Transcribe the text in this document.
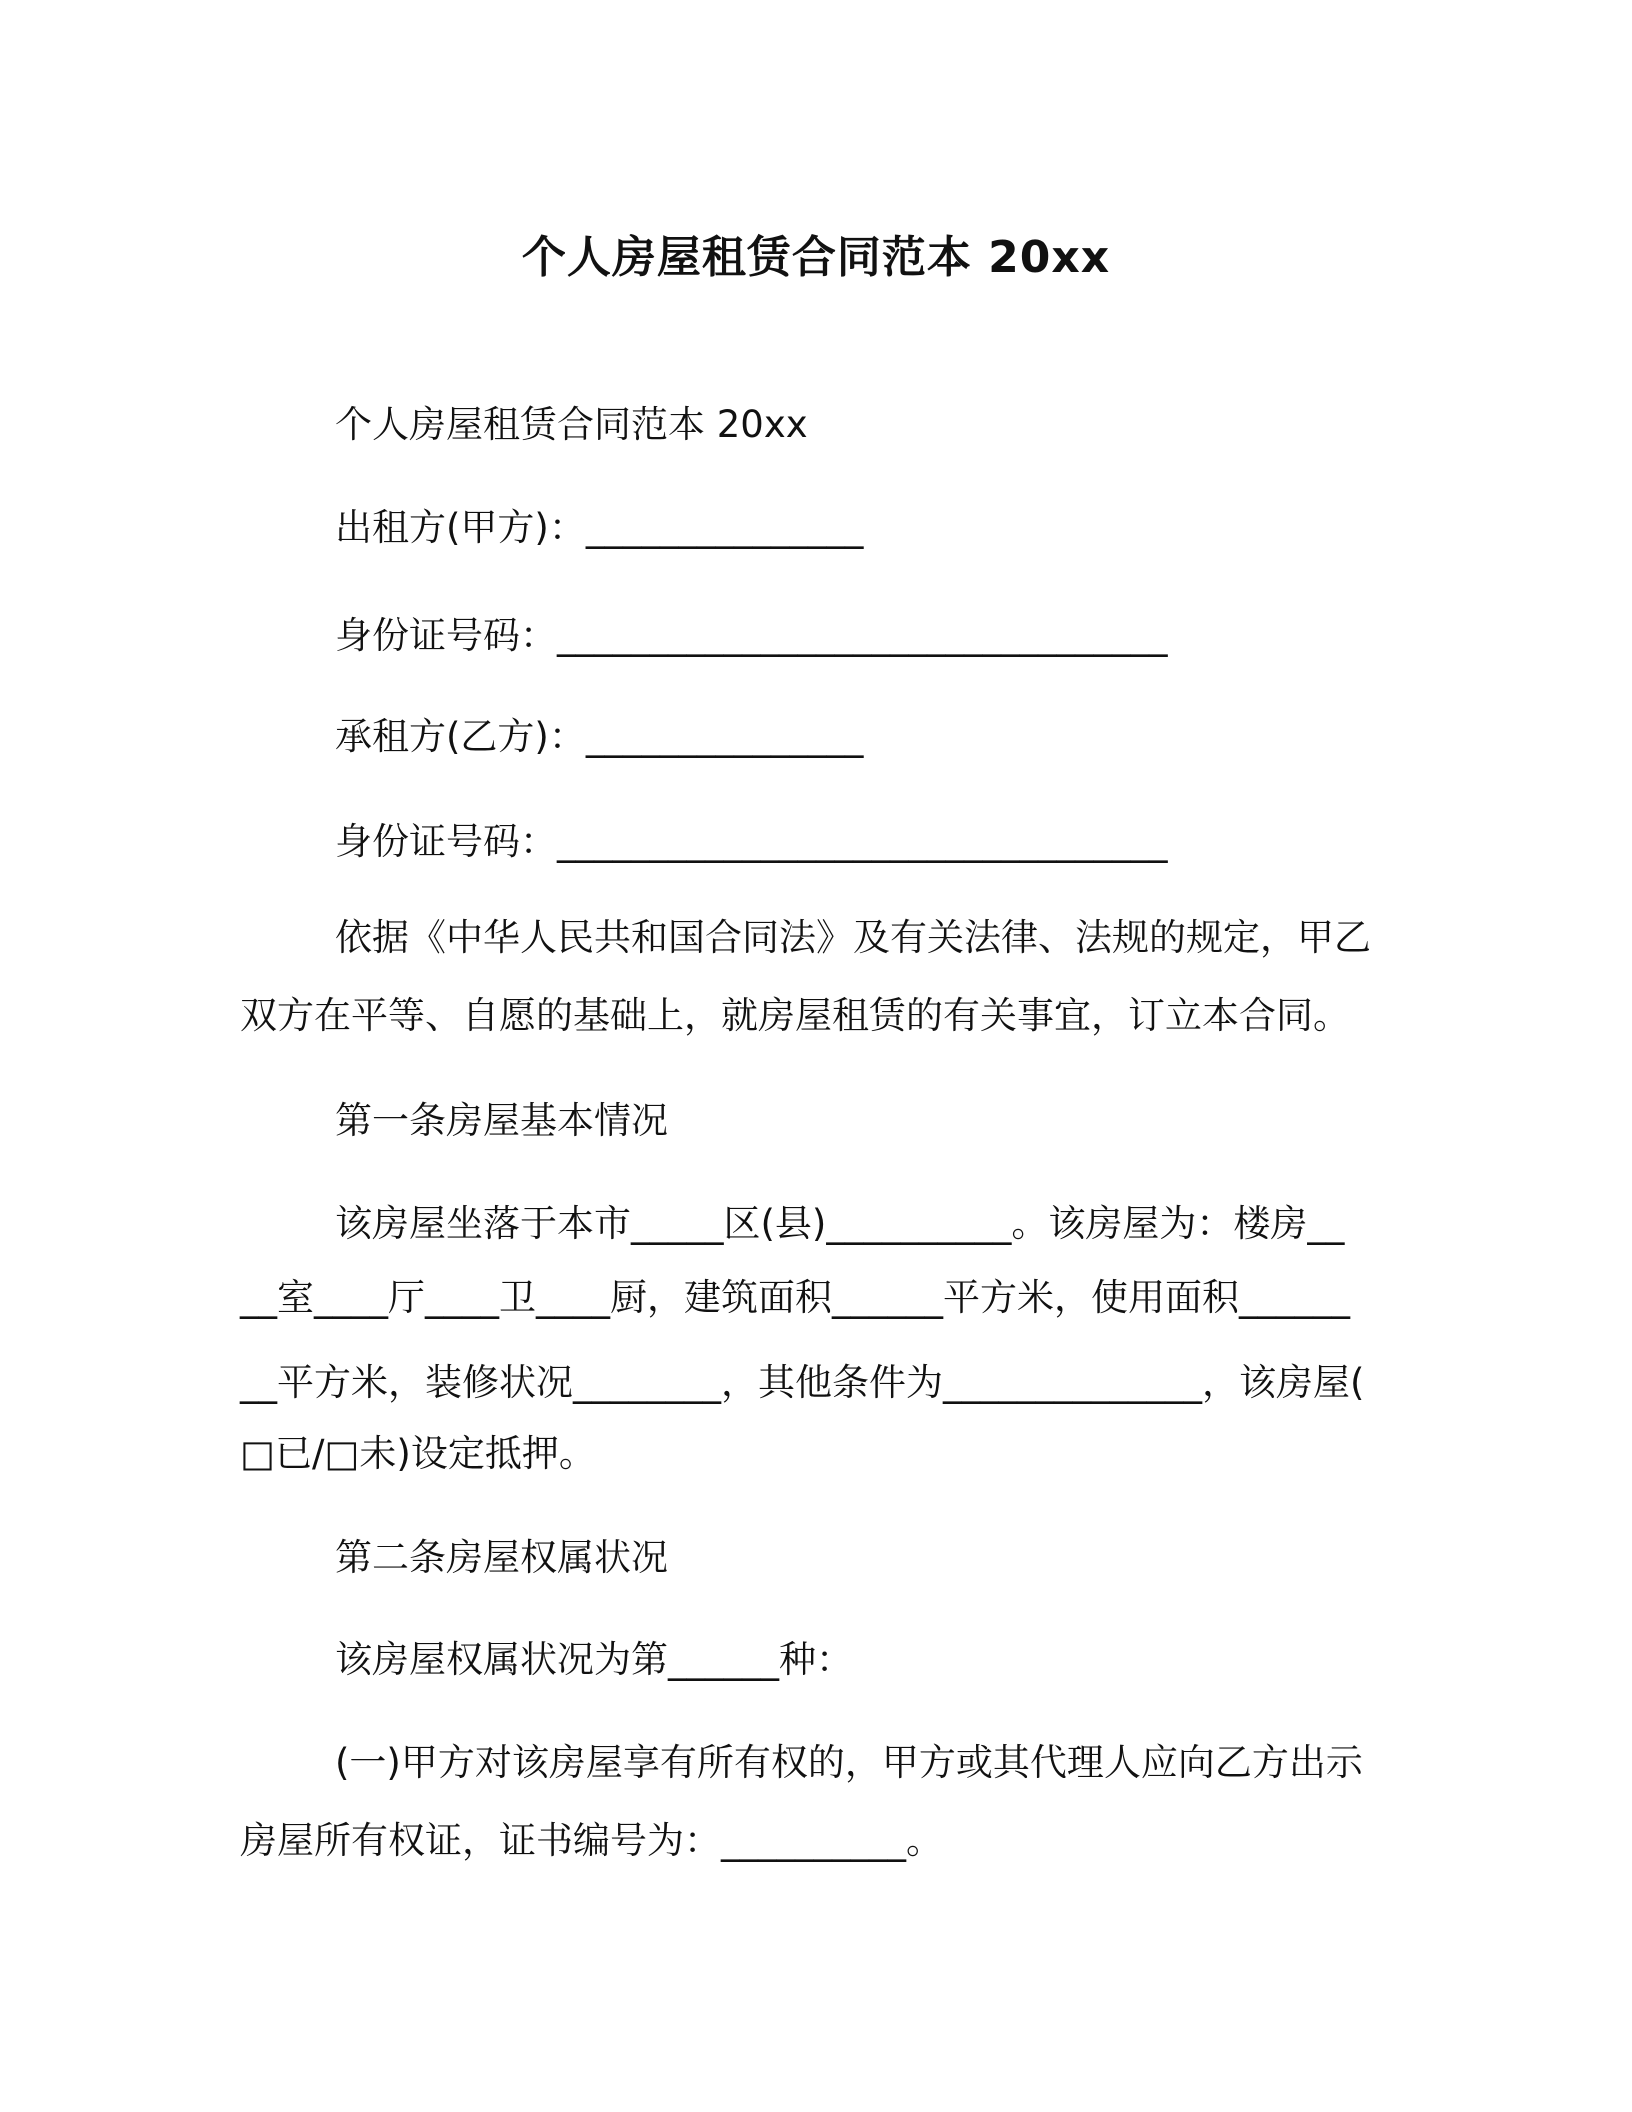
个人房屋租赁合同范本 20xx
个人房屋租赁合同范本 20xx
出租方(甲方)：_______________
身份证号码：_________________________________
承租方(乙方)：_______________
身份证号码：_________________________________
依据《中华人民共和国合同法》及有关法律、法规的规定，甲乙
双方在平等、自愿的基础上，就房屋租赁的有关事宜，订立本合同。
第一条房屋基本情况
该房屋坐落于本市_____区(县)__________。该房屋为：楼房__
__室____厅____卫____厨，建筑面积______平方米，使用面积______
__平方米，装修状况________，其他条件为______________，该房屋(
□已/□未)设定抵押。
第二条房屋权属状况
该房屋权属状况为第______种：
(一)甲方对该房屋享有所有权的，甲方或其代理人应向乙方出示
房屋所有权证，证书编号为：__________。
